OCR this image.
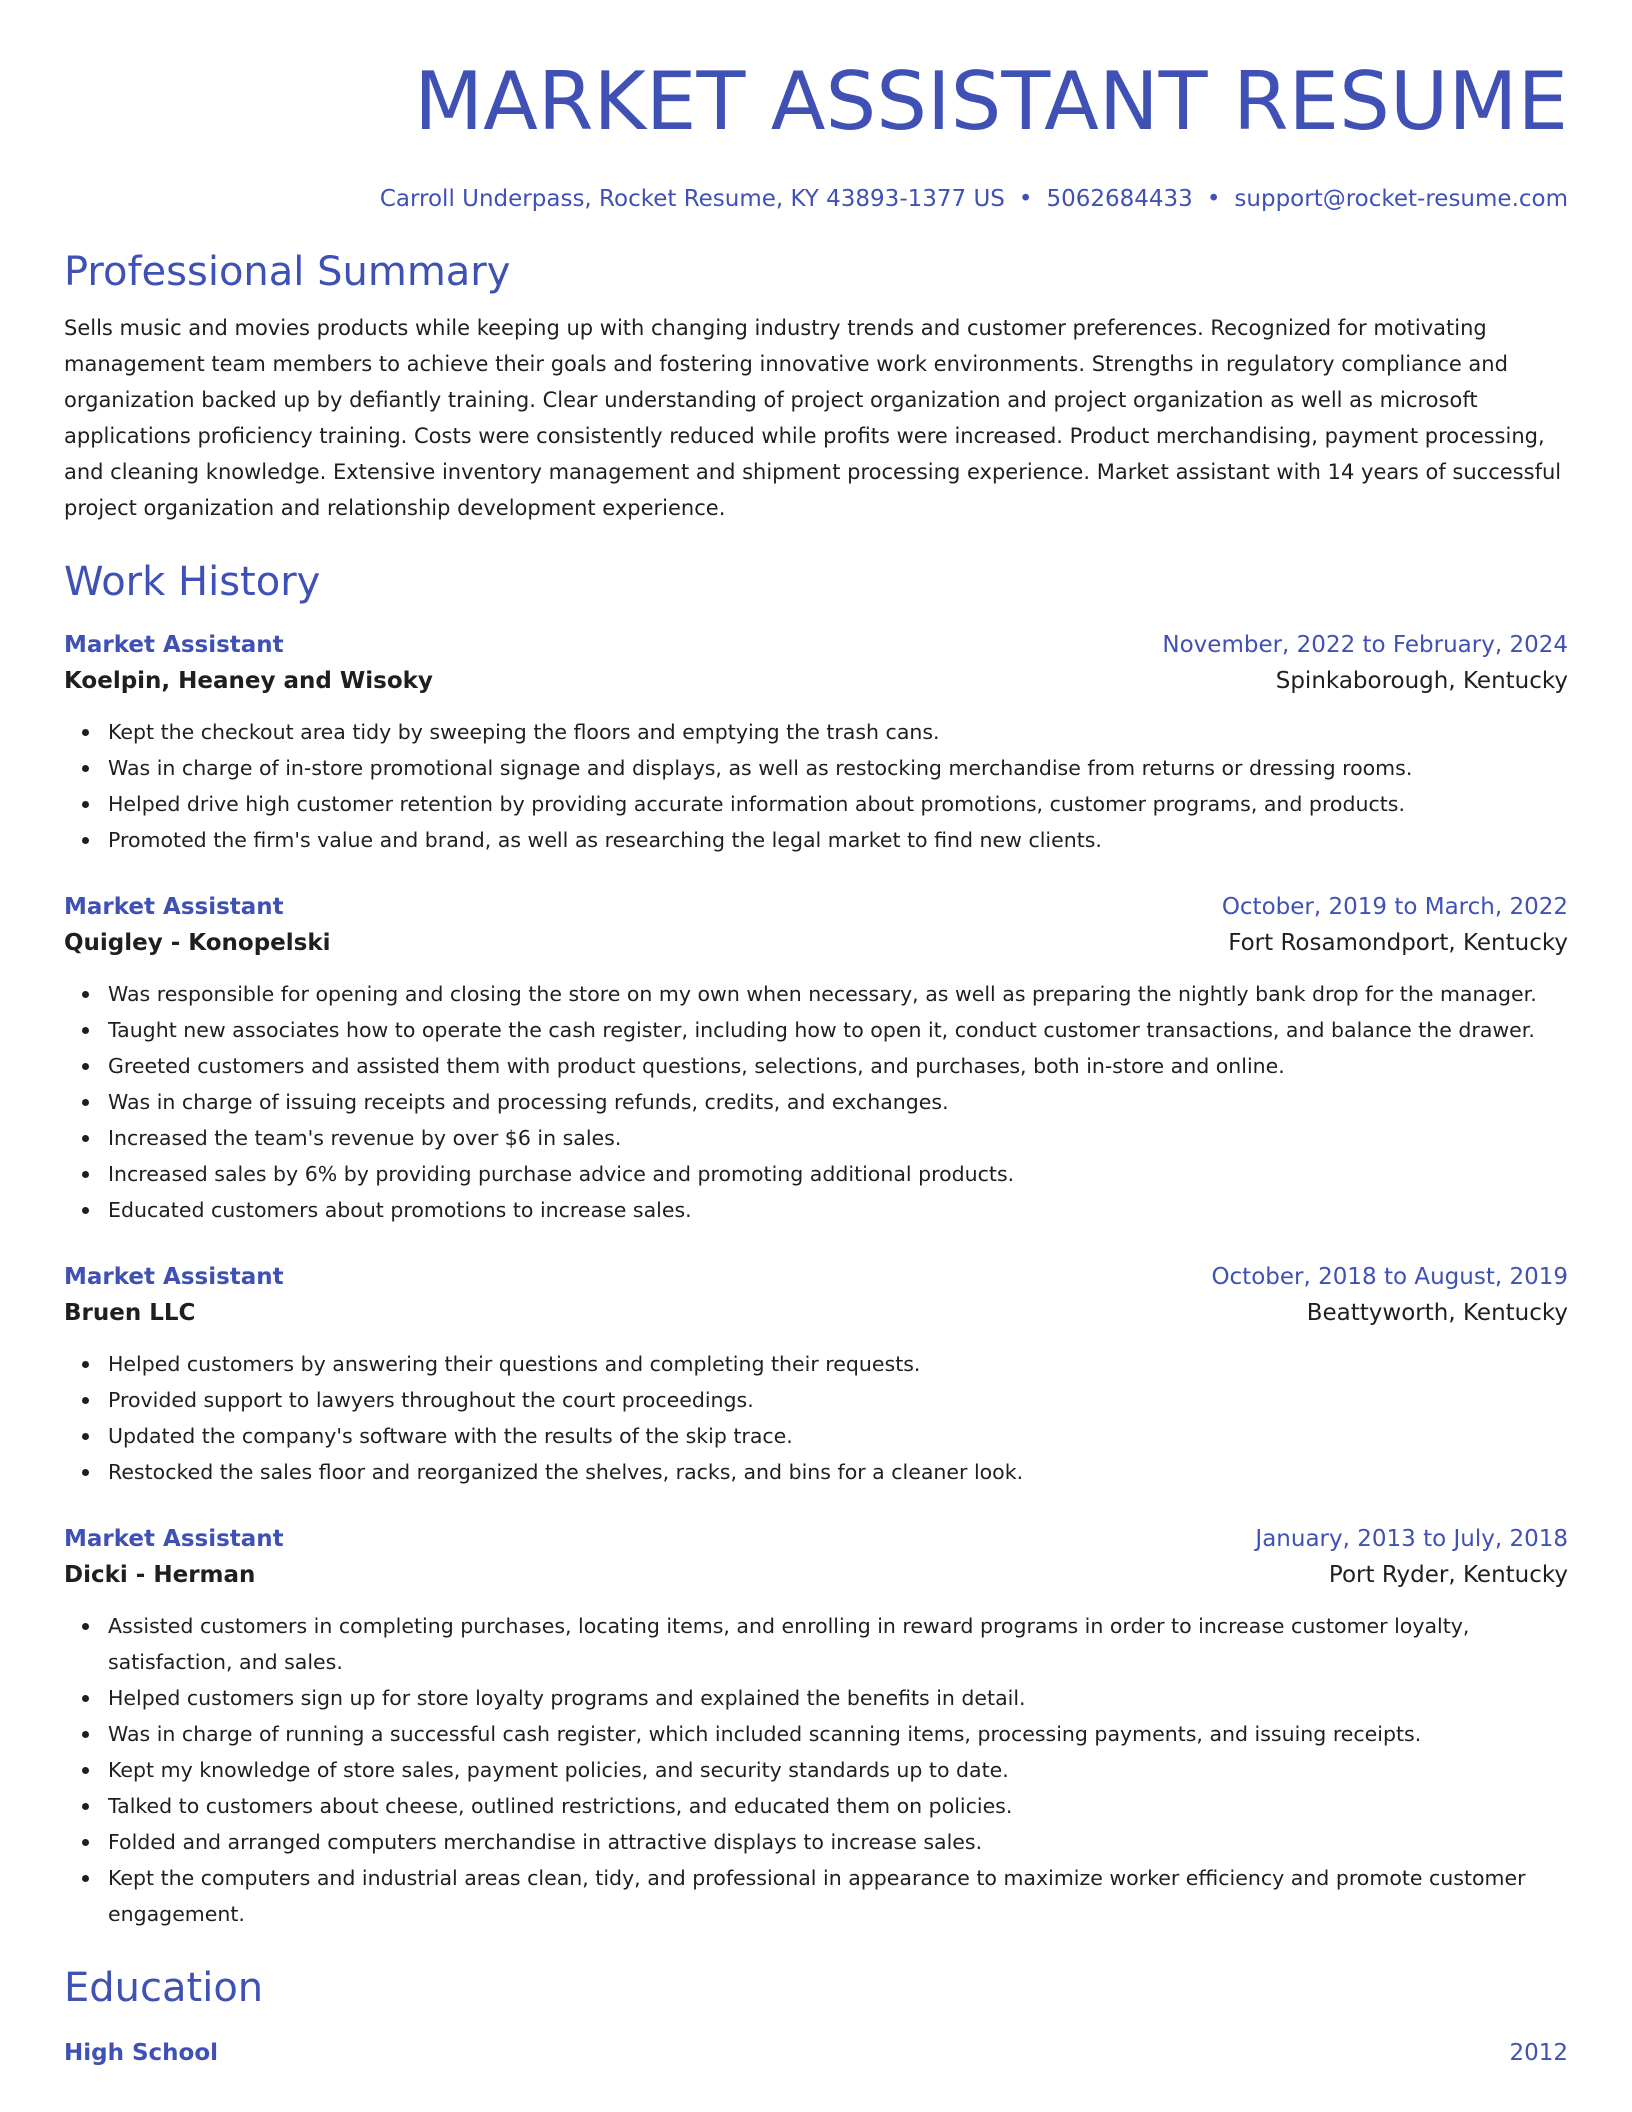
MARKET ASSISTANT RESUME
Carroll Underpass, Rocket Resume, KY 43893-1377 US • 5062684433 • support@rocket-resume.com
Professional Summary

Sells music and movies products while keeping up with changing industry trends and customer preferences. Recognized for motivating management team members to achieve their goals and fostering innovative work environments. Strengths in regulatory compliance and organization backed up by defiantly training. Clear understanding of project organization and project organization as well as microsoft applications proficiency training. Costs were consistently reduced while profits were increased. Product merchandising, payment processing, and cleaning knowledge. Extensive inventory management and shipment processing experience. Market assistant with 14 years of successful project organization and relationship development experience.

Work History
Market Assistant	November, 2022 to February, 2024
Koelpin, Heaney and Wisoky	Spinkaborough, Kentucky
Kept the checkout area tidy by sweeping the floors and emptying the trash cans.
Was in charge of in-store promotional signage and displays, as well as restocking merchandise from returns or dressing rooms.
Helped drive high customer retention by providing accurate information about promotions, customer programs, and products.
Promoted the firm's value and brand, as well as researching the legal market to find new clients.
Market Assistant	October, 2019 to March, 2022
Quigley - Konopelski	Fort Rosamondport, Kentucky
Was responsible for opening and closing the store on my own when necessary, as well as preparing the nightly bank drop for the manager.
Taught new associates how to operate the cash register, including how to open it, conduct customer transactions, and balance the drawer.
Greeted customers and assisted them with product questions, selections, and purchases, both in-store and online.
Was in charge of issuing receipts and processing refunds, credits, and exchanges.
Increased the team's revenue by over $6 in sales.
Increased sales by 6% by providing purchase advice and promoting additional products.
Educated customers about promotions to increase sales.
Market Assistant	October, 2018 to August, 2019
Bruen LLC	Beattyworth, Kentucky
Helped customers by answering their questions and completing their requests.
Provided support to lawyers throughout the court proceedings.
Updated the company's software with the results of the skip trace.
Restocked the sales floor and reorganized the shelves, racks, and bins for a cleaner look.
Market Assistant	January, 2013 to July, 2018
Dicki - Herman	Port Ryder, Kentucky
Assisted customers in completing purchases, locating items, and enrolling in reward programs in order to increase customer loyalty, satisfaction, and sales.
Helped customers sign up for store loyalty programs and explained the benefits in detail.
Was in charge of running a successful cash register, which included scanning items, processing payments, and issuing receipts.
Kept my knowledge of store sales, payment policies, and security standards up to date.
Talked to customers about cheese, outlined restrictions, and educated them on policies.
Folded and arranged computers merchandise in attractive displays to increase sales.
Kept the computers and industrial areas clean, tidy, and professional in appearance to maximize worker efficiency and promote customer engagement.
Education
High School	2012
